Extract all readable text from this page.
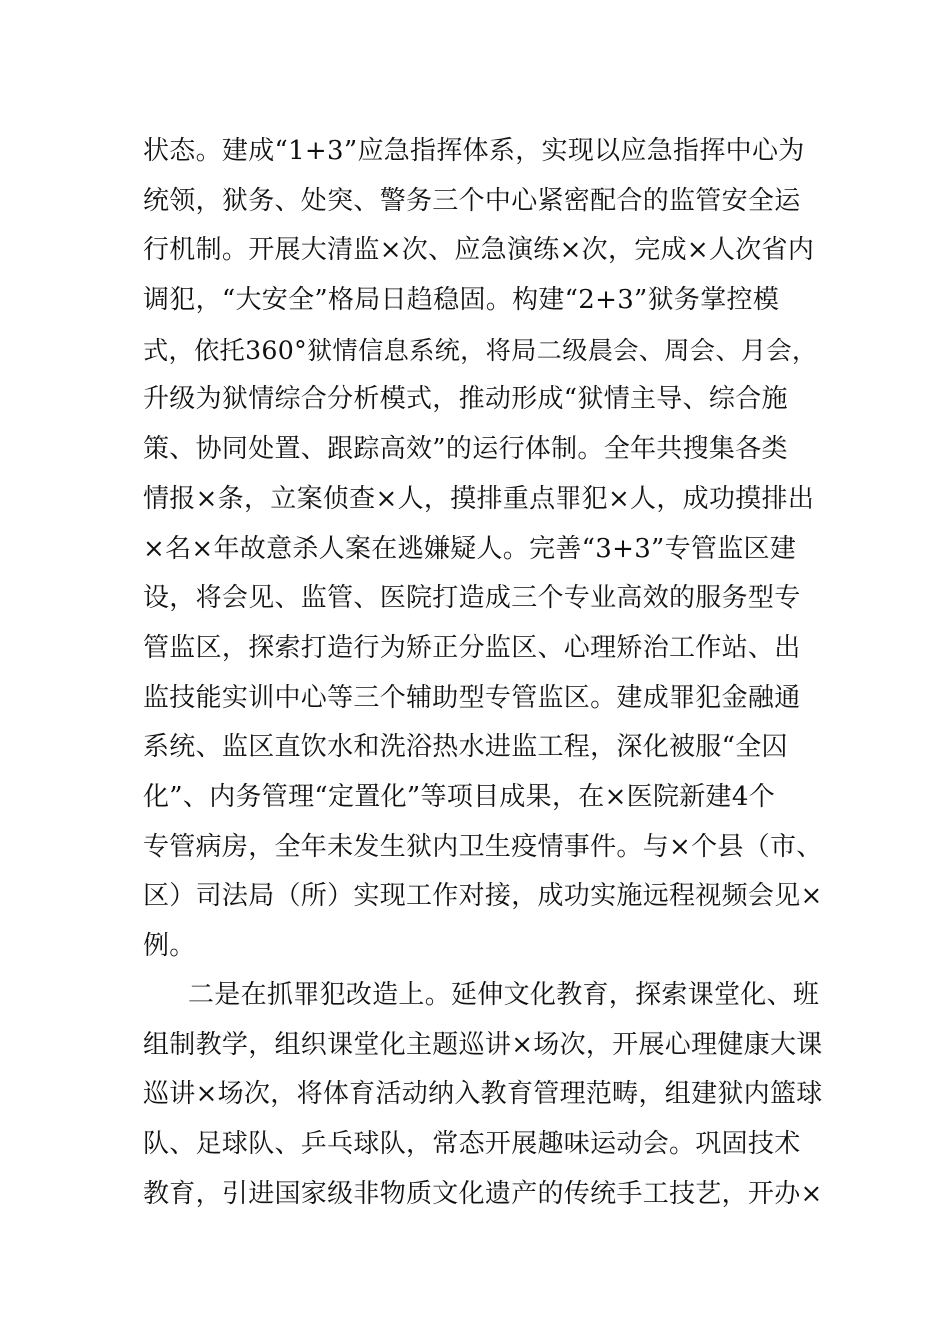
状态。建成“1+3”应急指挥体系，实现以应急指挥中心为
统领，狱务、处突、警务三个中心紧密配合的监管安全运
行机制。开展大清监×次、应急演练×次，完成×人次省内
调犯，“大安全”格局日趋稳固。构建“2+3”狱务掌控模
式，依托360°狱情信息系统，将局二级晨会、周会、月会，
升级为狱情综合分析模式，推动形成“狱情主导、综合施
策、协同处置、跟踪高效”的运行体制。全年共搜集各类
情报×条，立案侦查×人，摸排重点罪犯×人，成功摸排出
×名×年故意杀人案在逃嫌疑人。完善“3+3”专管监区建
设，将会见、监管、医院打造成三个专业高效的服务型专
管监区，探索打造行为矫正分监区、心理矫治工作站、出
监技能实训中心等三个辅助型专管监区。建成罪犯金融通
系统、监区直饮水和洗浴热水进监工程，深化被服“全囚
化”、内务管理“定置化”等项目成果，在×医院新建4个
专管病房，全年未发生狱内卫生疫情事件。与×个县（市、
区）司法局（所）实现工作对接，成功实施远程视频会见×
例。
二是在抓罪犯改造上。延伸文化教育，探索课堂化、班
组制教学，组织课堂化主题巡讲×场次，开展心理健康大课
巡讲×场次，将体育活动纳入教育管理范畴，组建狱内篮球
队、足球队、乒乓球队，常态开展趣味运动会。巩固技术
教育，引进国家级非物质文化遗产的传统手工技艺，开办×
